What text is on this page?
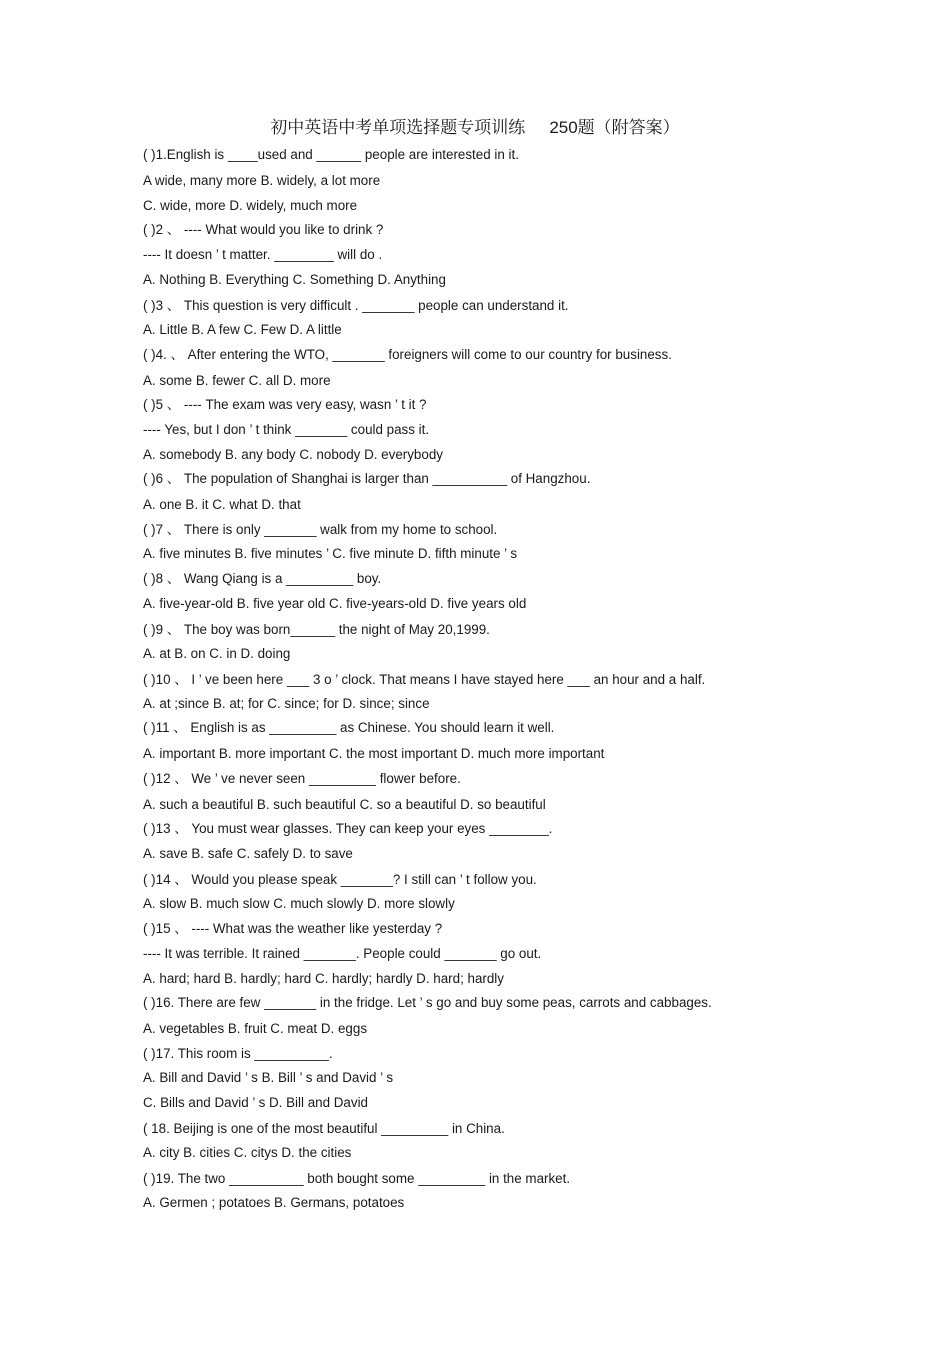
初中英语中考单项选择题专项训练 250题（附答案）
( )1.English is ____used and ______ people are interested in it.
A wide, many more B. widely, a lot more
C. wide, more D. widely, much more
( )2 、 ---- What would you like to drink ?
---- It doesn ’ t matter. ________ will do .
A. Nothing B. Everything C. Something D. Anything
( )3 、 This question is very difficult . _______ people can understand it.
A. Little B. A few C. Few D. A little
( )4. 、 After entering the WTO, _______ foreigners will come to our country for business.
A. some B. fewer C. all D. more
( )5 、 ---- The exam was very easy, wasn ’ t it ?
---- Yes, but I don ’ t think _______ could pass it.
A. somebody B. any body C. nobody D. everybody
( )6 、 The population of Shanghai is larger than __________ of Hangzhou.
A. one B. it C. what D. that
( )7 、 There is only _______ walk from my home to school.
A. five minutes B. five minutes ’ C. five minute D. fifth minute ’ s
( )8 、 Wang Qiang is a _________ boy.
A. five-year-old B. five year old C. five-years-old D. five years old
( )9 、 The boy was born______ the night of May 20,1999.
A. at B. on C. in D. doing
( )10 、 I ’ ve been here ___ 3 o ’ clock. That means I have stayed here ___ an hour and a half.
A. at ;since B. at; for C. since; for D. since; since
( )11 、 English is as _________ as Chinese. You should learn it well.
A. important B. more important C. the most important D. much more important
( )12 、 We ’ ve never seen _________ flower before.
A. such a beautiful B. such beautiful C. so a beautiful D. so beautiful
( )13 、 You must wear glasses. They can keep your eyes ________.
A. save B. safe C. safely D. to save
( )14 、 Would you please speak _______? I still can ’ t follow you.
A. slow B. much slow C. much slowly D. more slowly
( )15 、 ---- What was the weather like yesterday ?
---- It was terrible. It rained _______. People could _______ go out.
A. hard; hard B. hardly; hard C. hardly; hardly D. hard; hardly
( )16. There are few _______ in the fridge. Let ’ s go and buy some peas, carrots and cabbages.
A. vegetables B. fruit C. meat D. eggs
( )17. This room is __________.
A. Bill and David ’ s B. Bill ’ s and David ’ s
C. Bills and David ’ s D. Bill and David
( 18. Beijing is one of the most beautiful _________ in China.
A. city B. cities C. citys D. the cities
( )19. The two __________ both bought some _________ in the market.
A. Germen ; potatoes B. Germans, potatoes
